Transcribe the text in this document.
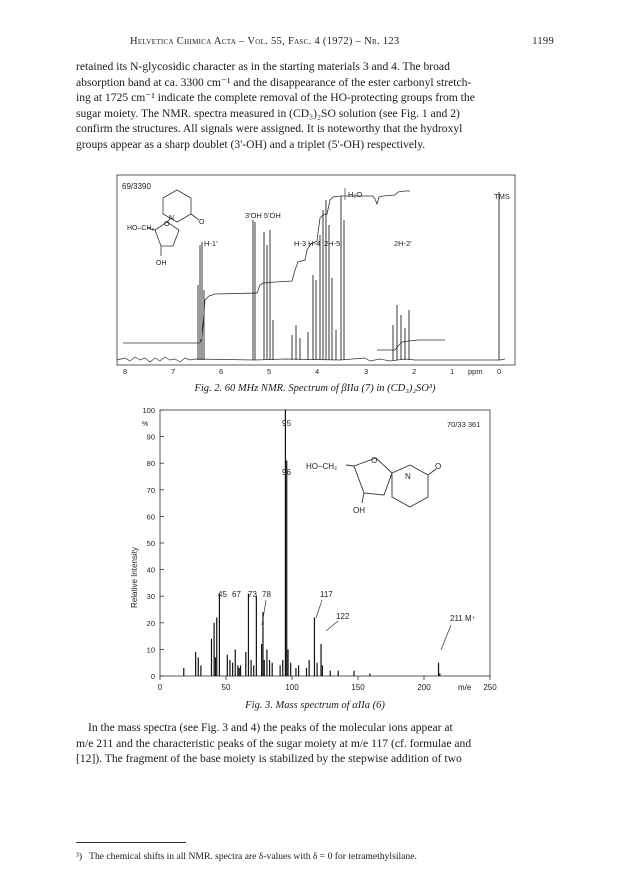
Helvetica Chimica Acta – Vol. 55, Fasc. 4 (1972) – Nr. 123	1199
retained its N-glycosidic character as in the starting materials 3 and 4. The broad
absorption band at ca. 3300 cm⁻¹ and the disappearance of the ester carbonyl stretch-
ing at 1725 cm⁻¹ indicate the complete removal of the HO-protecting groups from the
sugar moiety. The NMR. spectra measured in (CD₃)₂SO solution (see Fig. 1 and 2)
confirm the structures. All signals were assigned. It is noteworthy that the hydroxyl
groups appear as a sharp doublet (3'-OH) and a triplet (5'-OH) respectively.
69/3390
H₂O	TMS
3'OH 5'OH
H-1'	H-3 H-4 2H-5'	2H-2'
HO–CH₂
O
N
O
OH
8	7	6	5	4	3	2	1 ppm 0
Fig. 2. 60 MHz NMR. Spectrum of βIIa (7) in (CD₃)₂SO³)
70/33 361
%
100
90
80
70
60
50
40
30
20
10
0
0	50	100	150	200	250
Relative Intensity
m/e
95
96
45 67 73 78	117
122	211 M⁺
HO–CH₂
O
N
O
OH
Fig. 3. Mass spectrum of αIIa (6)
In the mass spectra (see Fig. 3 and 4) the peaks of the molecular ions appear at
m/e 211 and the characteristic peaks of the sugar moiety at m/e 117 (cf. formulae and
[12]). The fragment of the base moiety is stabilized by the stepwise addition of two
³) The chemical shifts in all NMR. spectra are δ-values with δ = 0 for tetramethylsilane.
